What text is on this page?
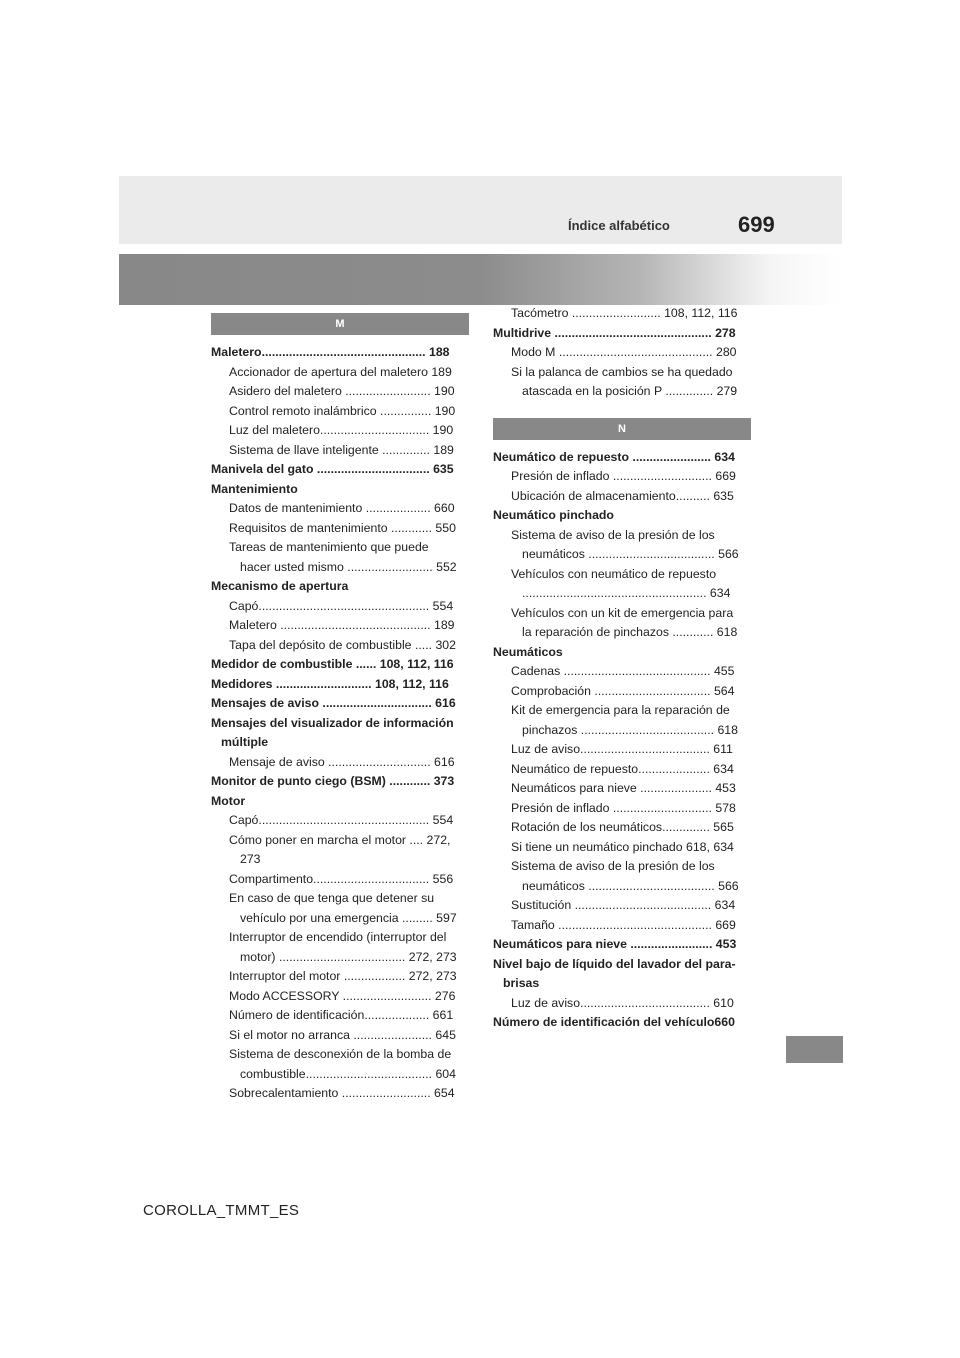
Índice alfabético	699
M
Maletero................................................ 188
Accionador de apertura del maletero 189
Asidero del maletero ......................... 190
Control remoto inalámbrico ............... 190
Luz del maletero................................ 190
Sistema de llave inteligente .............. 189
Manivela del gato ................................. 635
Mantenimiento
Datos de mantenimiento ................... 660
Requisitos de mantenimiento ............ 550
Tareas de mantenimiento que puede
hacer usted mismo ......................... 552
Mecanismo de apertura
Capó.................................................. 554
Maletero ............................................ 189
Tapa del depósito de combustible ..... 302
Medidor de combustible ...... 108, 112, 116
Medidores ............................ 108, 112, 116
Mensajes de aviso ................................ 616
Mensajes del visualizador de información
múltiple
Mensaje de aviso .............................. 616
Monitor de punto ciego (BSM) ............ 373
Motor
Capó.................................................. 554
Cómo poner en marcha el motor .... 272,
273
Compartimento.................................. 556
En caso de que tenga que detener su
vehículo por una emergencia ......... 597
Interruptor de encendido (interruptor del
motor) ..................................... 272, 273
Interruptor del motor .................. 272, 273
Modo ACCESSORY .......................... 276
Número de identificación................... 661
Si el motor no arranca ....................... 645
Sistema de desconexión de la bomba de
combustible..................................... 604
Sobrecalentamiento .......................... 654
Tacómetro .......................... 108, 112, 116
Multidrive .............................................. 278
Modo M ............................................. 280
Si la palanca de cambios se ha quedado
atascada en la posición P .............. 279
N
Neumático de repuesto ....................... 634
Presión de inflado ............................. 669
Ubicación de almacenamiento.......... 635
Neumático pinchado
Sistema de aviso de la presión de los
neumáticos ..................................... 566
Vehículos con neumático de repuesto
...................................................... 634
Vehículos con un kit de emergencia para
la reparación de pinchazos ............ 618
Neumáticos
Cadenas ........................................... 455
Comprobación .................................. 564
Kit de emergencia para la reparación de
pinchazos ....................................... 618
Luz de aviso...................................... 611
Neumático de repuesto..................... 634
Neumáticos para nieve ..................... 453
Presión de inflado ............................. 578
Rotación de los neumáticos.............. 565
Si tiene un neumático pinchado 618, 634
Sistema de aviso de la presión de los
neumáticos ..................................... 566
Sustitución ........................................ 634
Tamaño ............................................. 669
Neumáticos para nieve ........................ 453
Nivel bajo de líquido del lavador del para-
brisas
Luz de aviso...................................... 610
Número de identificación del vehículo660
COROLLA_TMMT_ES
